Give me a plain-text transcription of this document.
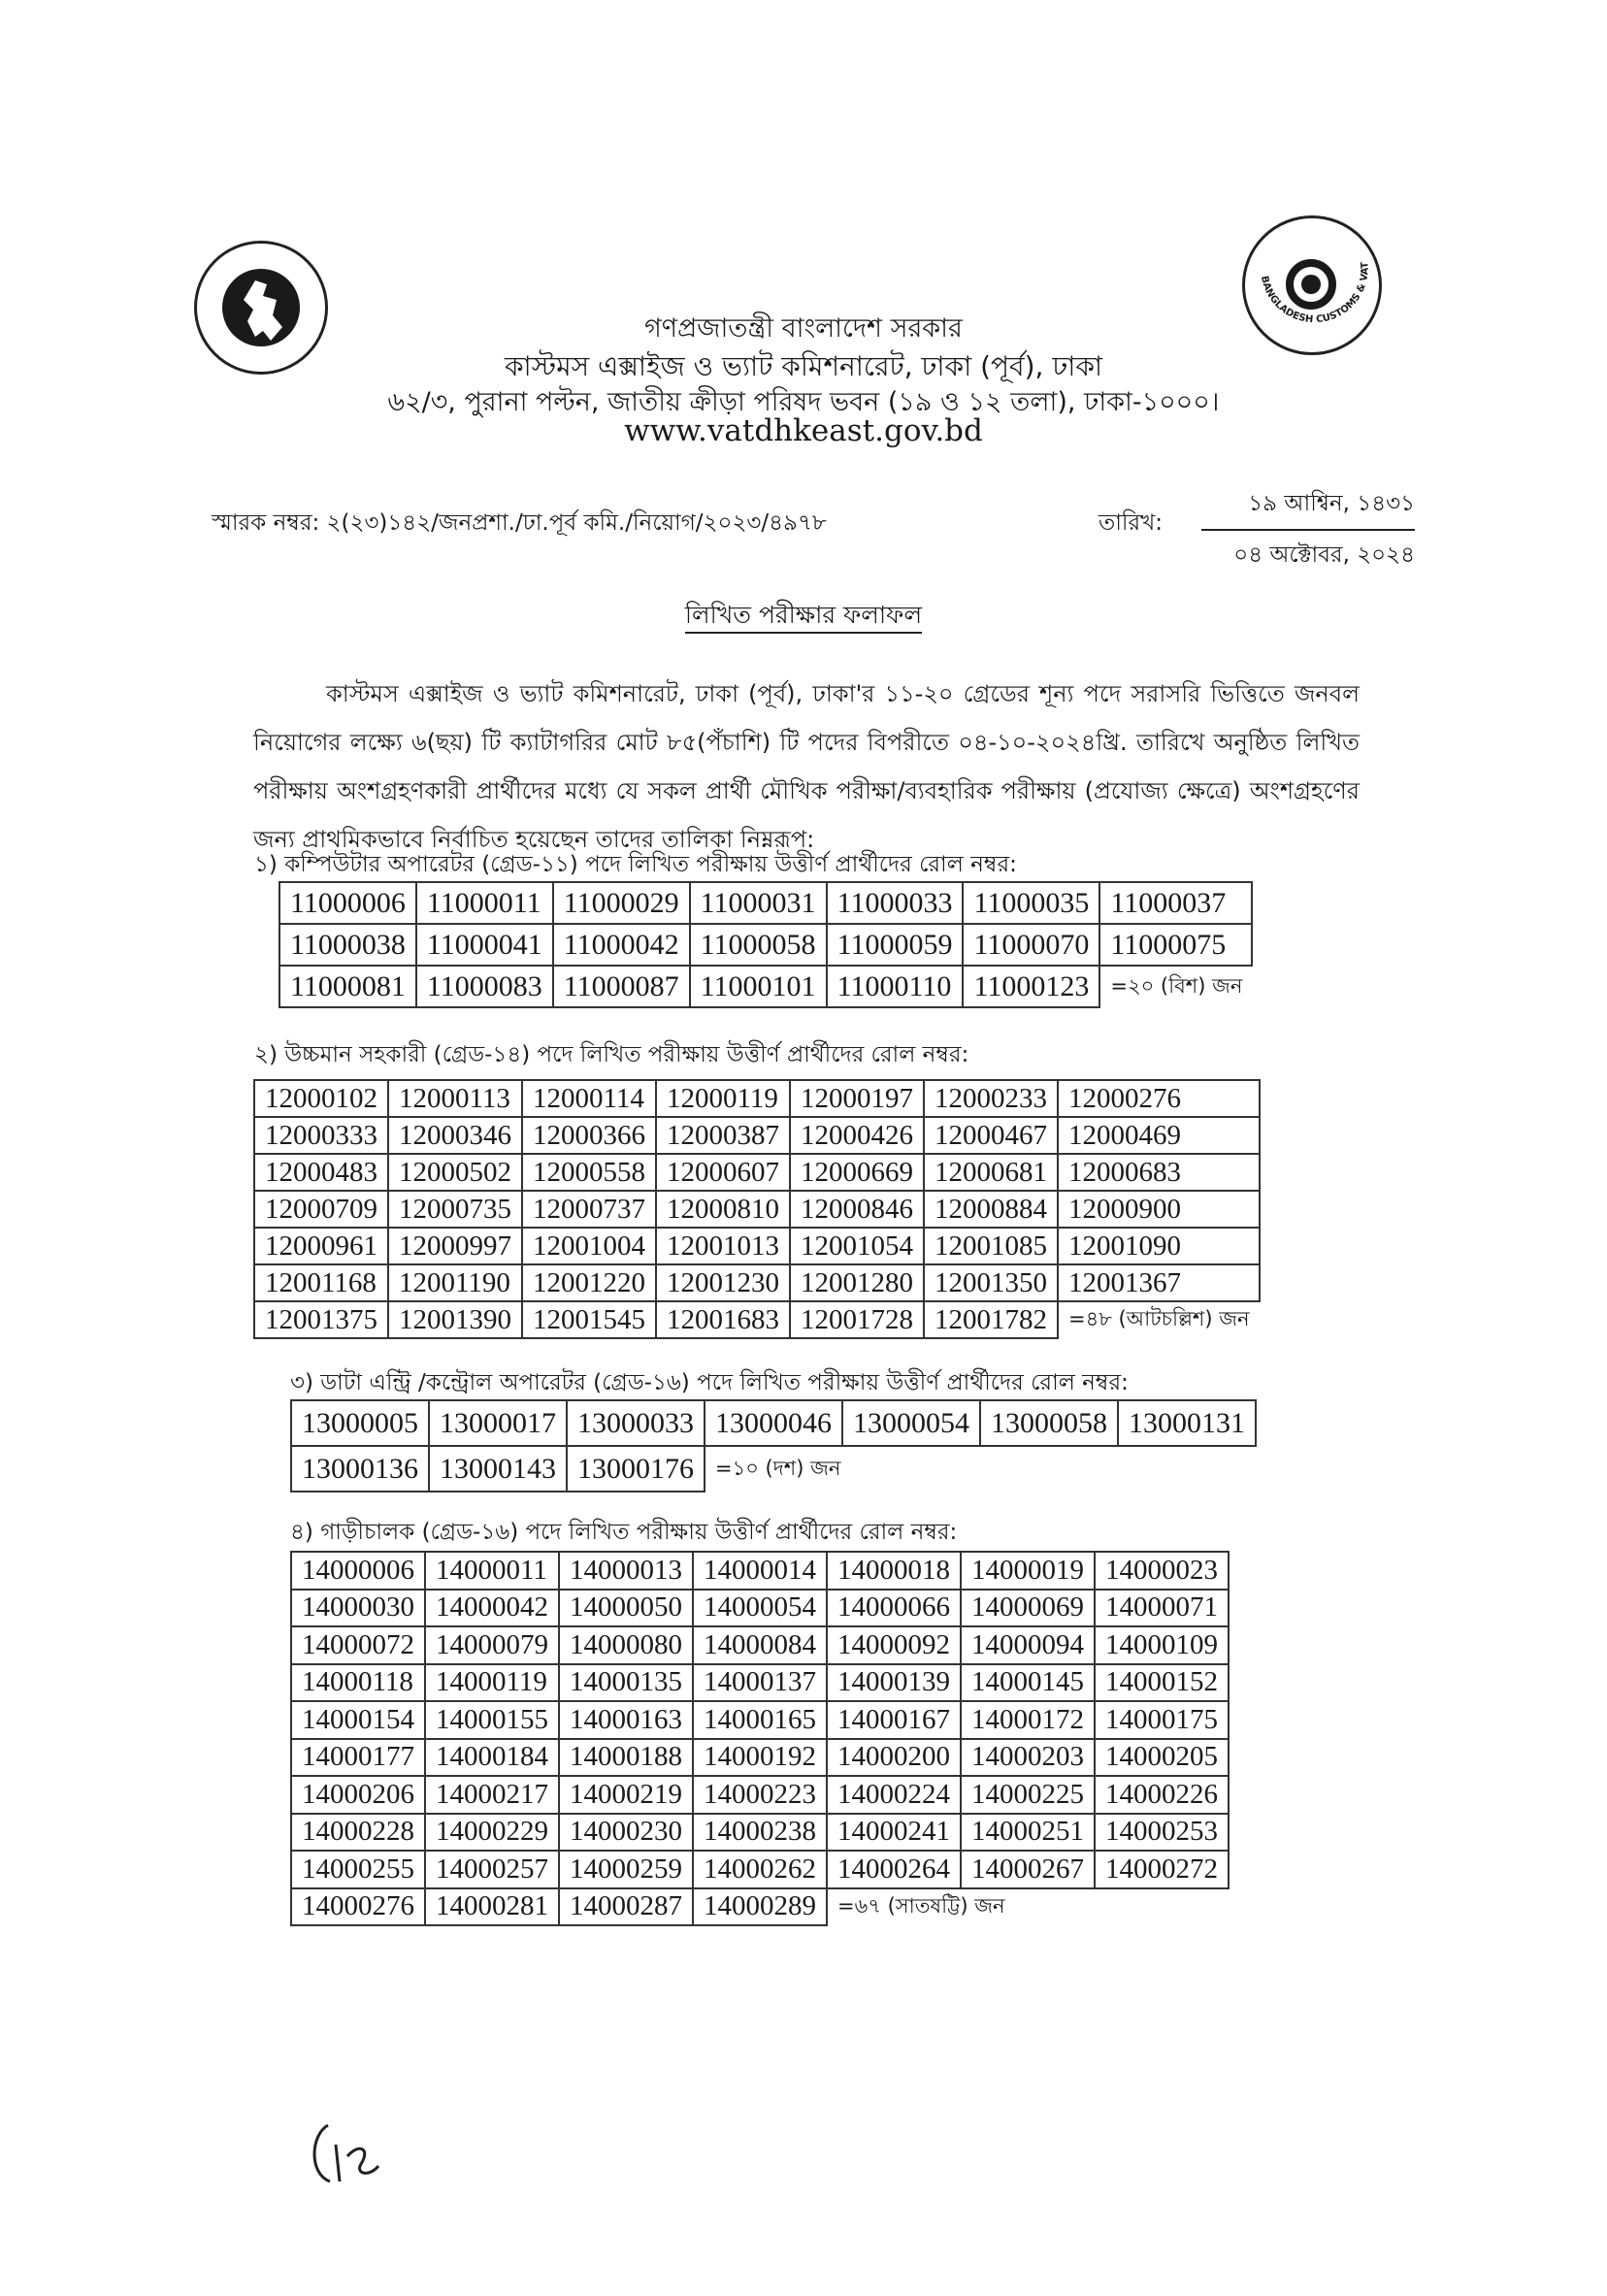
BANGLADESH CUSTOMS & VAT
গণপ্রজাতন্ত্রী বাংলাদেশ সরকার
কাস্টমস এক্সাইজ ও ভ্যাট কমিশনারেট, ঢাকা (পূর্ব), ঢাকা
৬২/৩, পুরানা পল্টন, জাতীয় ক্রীড়া পরিষদ ভবন (১৯ ও ১২ তলা), ঢাকা-১০০০।
www.vatdhkeast.gov.bd
স্মারক নম্বর: ২(২৩)১৪২/জনপ্রশা./ঢা.পূর্ব কমি./নিয়োগ/২০২৩/৪৯৭৮	তারিখ:
১৯ আশ্বিন, ১৪৩১
০৪ অক্টোবর, ২০২৪
লিখিত পরীক্ষার ফলাফল
কাস্টমস এক্সাইজ ও ভ্যাট কমিশনারেট, ঢাকা (পূর্ব), ঢাকা'র ১১-২০ গ্রেডের শূন্য পদে সরাসরি ভিত্তিতে জনবল নিয়োগের লক্ষ্যে ৬(ছয়) টি ক্যাটাগরির মোট ৮৫(পঁচাশি) টি পদের বিপরীতে ০৪-১০-২০২৪খ্রি. তারিখে অনুষ্ঠিত লিখিত পরীক্ষায় অংশগ্রহণকারী প্রার্থীদের মধ্যে যে সকল প্রার্থী মৌখিক পরীক্ষা/ব্যবহারিক পরীক্ষায় (প্রযোজ্য ক্ষেত্রে) অংশগ্রহণের জন্য প্রাথমিকভাবে নির্বাচিত হয়েছেন তাদের তালিকা নিম্নরূপ:
১) কম্পিউটার অপারেটর (গ্রেড-১১) পদে লিখিত পরীক্ষায় উত্তীর্ণ প্রার্থীদের রোল নম্বর:
11000006	11000011	11000029	11000031	11000033	11000035	11000037
11000038	11000041	11000042	11000058	11000059	11000070	11000075
11000081	11000083	11000087	11000101	11000110	11000123	=২০ (বিশ) জন
২) উচ্চমান সহকারী (গ্রেড-১৪) পদে লিখিত পরীক্ষায় উত্তীর্ণ প্রার্থীদের রোল নম্বর:
12000102	12000113	12000114	12000119	12000197	12000233	12000276
12000333	12000346	12000366	12000387	12000426	12000467	12000469
12000483	12000502	12000558	12000607	12000669	12000681	12000683
12000709	12000735	12000737	12000810	12000846	12000884	12000900
12000961	12000997	12001004	12001013	12001054	12001085	12001090
12001168	12001190	12001220	12001230	12001280	12001350	12001367
12001375	12001390	12001545	12001683	12001728	12001782	=৪৮ (আটচল্লিশ) জন
৩) ডাটা এন্ট্রি /কন্ট্রোল অপারেটর (গ্রেড-১৬) পদে লিখিত পরীক্ষায় উত্তীর্ণ প্রার্থীদের রোল নম্বর:
13000005	13000017	13000033	13000046	13000054	13000058	13000131
13000136	13000143	13000176	=১০ (দশ) জন			
৪) গাড়ীচালক (গ্রেড-১৬) পদে লিখিত পরীক্ষায় উত্তীর্ণ প্রার্থীদের রোল নম্বর:
14000006	14000011	14000013	14000014	14000018	14000019	14000023
14000030	14000042	14000050	14000054	14000066	14000069	14000071
14000072	14000079	14000080	14000084	14000092	14000094	14000109
14000118	14000119	14000135	14000137	14000139	14000145	14000152
14000154	14000155	14000163	14000165	14000167	14000172	14000175
14000177	14000184	14000188	14000192	14000200	14000203	14000205
14000206	14000217	14000219	14000223	14000224	14000225	14000226
14000228	14000229	14000230	14000238	14000241	14000251	14000253
14000255	14000257	14000259	14000262	14000264	14000267	14000272
14000276	14000281	14000287	14000289	=৬৭ (সাতষট্টি) জন		
